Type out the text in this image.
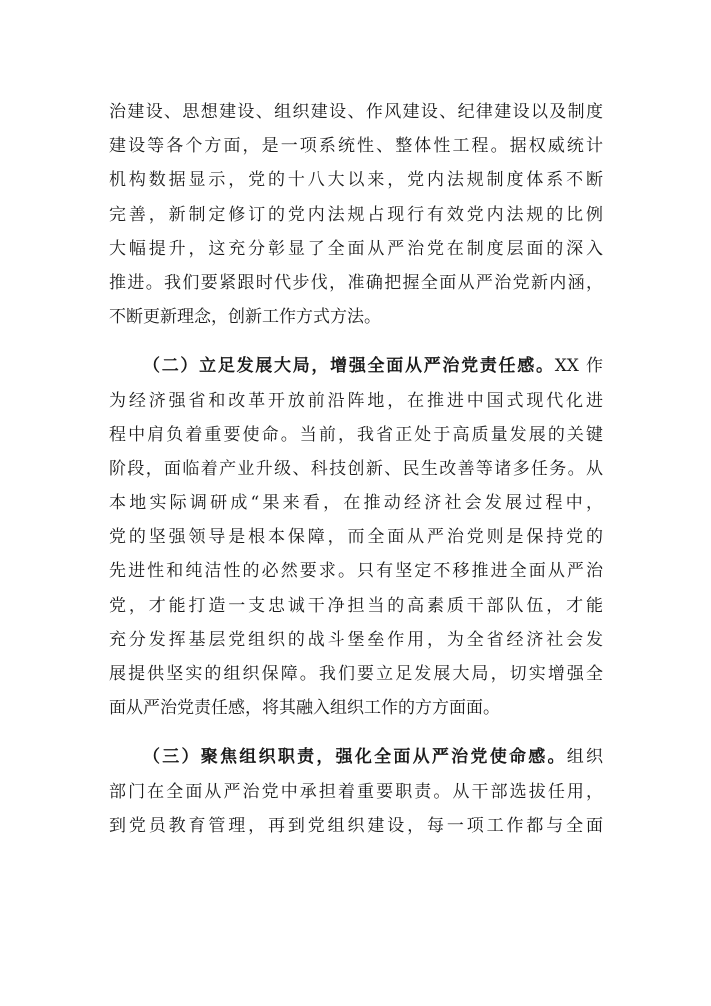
治建设、思想建设、组织建设、作风建设、纪律建设以及制度
建设等各个方面，是一项系统性、整体性工程。据权威统计
机构数据显示，党的十八大以来，党内法规制度体系不断
完善，新制定修订的党内法规占现行有效党内法规的比例
大幅提升，这充分彰显了全面从严治党在制度层面的深入
推进。我们要紧跟时代步伐，准确把握全面从严治党新内涵，
不断更新理念，创新工作方式方法。
（二）立足发展大局，增强全面从严治党责任感。XX 作
为经济强省和改革开放前沿阵地，在推进中国式现代化进
程中肩负着重要使命。当前，我省正处于高质量发展的关键
阶段，面临着产业升级、科技创新、民生改善等诸多任务。从
本地实际调研成“果来看，在推动经济社会发展过程中，
党的坚强领导是根本保障，而全面从严治党则是保持党的
先进性和纯洁性的必然要求。只有坚定不移推进全面从严治
党，才能打造一支忠诚干净担当的高素质干部队伍，才能
充分发挥基层党组织的战斗堡垒作用，为全省经济社会发
展提供坚实的组织保障。我们要立足发展大局，切实增强全
面从严治党责任感，将其融入组织工作的方方面面。
（三）聚焦组织职责，强化全面从严治党使命感。组织
部门在全面从严治党中承担着重要职责。从干部选拔任用，
到党员教育管理，再到党组织建设，每一项工作都与全面
